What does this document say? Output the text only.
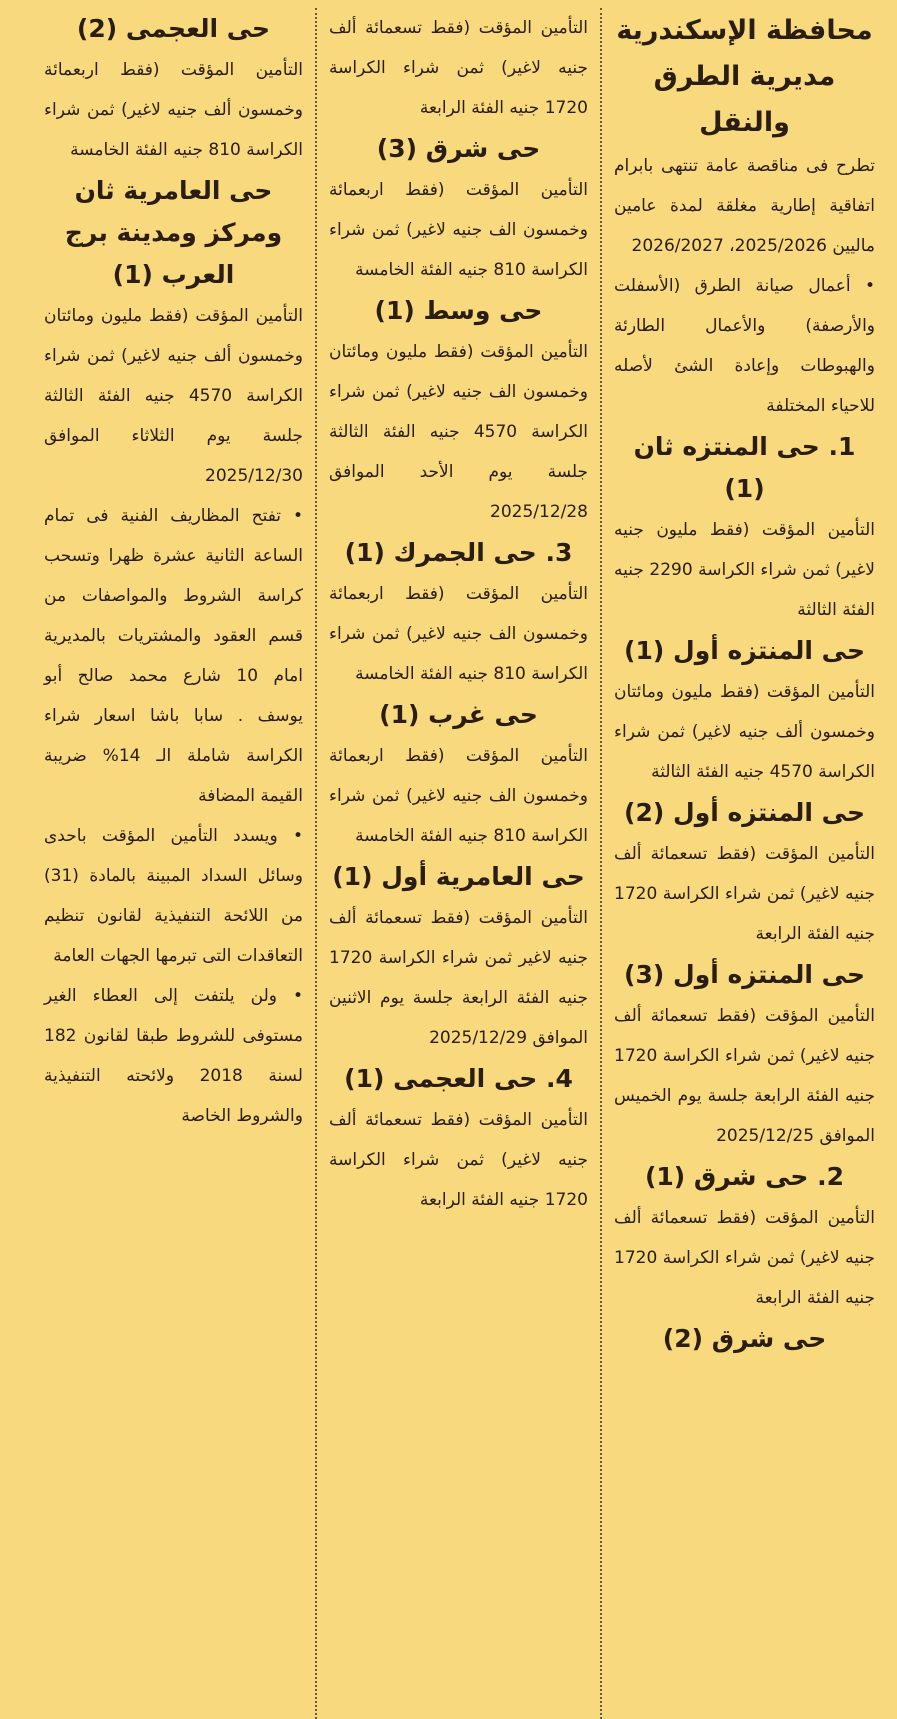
محافظة الإسكندرية
مديرية الطرق والنقل

تطرح فى مناقصة عامة تنتهى بابرام اتفاقية إطارية مغلقة لمدة عامين ماليين 2025/2026، 2026/2027

• أعمال صيانة الطرق (الأسفلت والأرصفة) والأعمال الطارئة والهبوطات وإعادة الشئ لأصله للاحياء المختلفة

1. حى المنتزه ثان (1)

التأمين المؤقت (فقط مليون جنيه لاغير) ثمن شراء الكراسة 2290 جنيه الفئة الثالثة

حى المنتزه أول (1)

التأمين المؤقت (فقط مليون ومائتان وخمسون ألف جنيه لاغير) ثمن شراء الكراسة 4570 جنيه الفئة الثالثة

حى المنتزه أول (2)

التأمين المؤقت (فقط تسعمائة ألف جنيه لاغير) ثمن شراء الكراسة 1720 جنيه الفئة الرابعة

حى المنتزه أول (3)

التأمين المؤقت (فقط تسعمائة ألف جنيه لاغير) ثمن شراء الكراسة 1720 جنيه الفئة الرابعة جلسة يوم الخميس الموافق 2025/12/25

2. حى شرق (1)

التأمين المؤقت (فقط تسعمائة ألف جنيه لاغير) ثمن شراء الكراسة 1720 جنيه الفئة الرابعة

حى شرق (2)

التأمين المؤقت (فقط تسعمائة ألف جنيه لاغير) ثمن شراء الكراسة 1720 جنيه الفئة الرابعة

حى شرق (3)

التأمين المؤقت (فقط اربعمائة وخمسون الف جنيه لاغير) ثمن شراء الكراسة 810 جنيه الفئة الخامسة

حى وسط (1)

التأمين المؤقت (فقط مليون ومائتان وخمسون الف جنيه لاغير) ثمن شراء الكراسة 4570 جنيه الفئة الثالثة جلسة يوم الأحد الموافق 2025/12/28

3. حى الجمرك (1)

التأمين المؤقت (فقط اربعمائة وخمسون الف جنيه لاغير) ثمن شراء الكراسة 810 جنيه الفئة الخامسة

حى غرب (1)

التأمين المؤقت (فقط اربعمائة وخمسون الف جنيه لاغير) ثمن شراء الكراسة 810 جنيه الفئة الخامسة

حى العامرية أول (1)

التأمين المؤقت (فقط تسعمائة ألف جنيه لاغير ثمن شراء الكراسة 1720 جنيه الفئة الرابعة جلسة يوم الاثنين الموافق 2025/12/29

4. حى العجمى (1)

التأمين المؤقت (فقط تسعمائة ألف جنيه لاغير) ثمن شراء الكراسة 1720 جنيه الفئة الرابعة

حى العجمى (2)

التأمين المؤقت (فقط اربعمائة وخمسون ألف جنيه لاغير) ثمن شراء الكراسة 810 جنيه الفئة الخامسة

حى العامرية ثان ومركز ومدينة برج العرب (1)

التأمين المؤقت (فقط مليون ومائتان وخمسون ألف جنيه لاغير) ثمن شراء الكراسة 4570 جنيه الفئة الثالثة جلسة يوم الثلاثاء الموافق 2025/12/30

• تفتح المظاريف الفنية فى تمام الساعة الثانية عشرة ظهرا وتسحب كراسة الشروط والمواصفات من قسم العقود والمشتريات بالمديرية امام 10 شارع محمد صالح أبو يوسف . سابا باشا اسعار شراء الكراسة شاملة الـ 14% ضريبة القيمة المضافة

• ويسدد التأمين المؤقت باحدى وسائل السداد المبينة بالمادة (31) من اللائحة التنفيذية لقانون تنظيم التعاقدات التى تبرمها الجهات العامة

• ولن يلتفت إلى العطاء الغير مستوفى للشروط طبقا لقانون 182 لسنة 2018 ولائحته التنفيذية والشروط الخاصة
